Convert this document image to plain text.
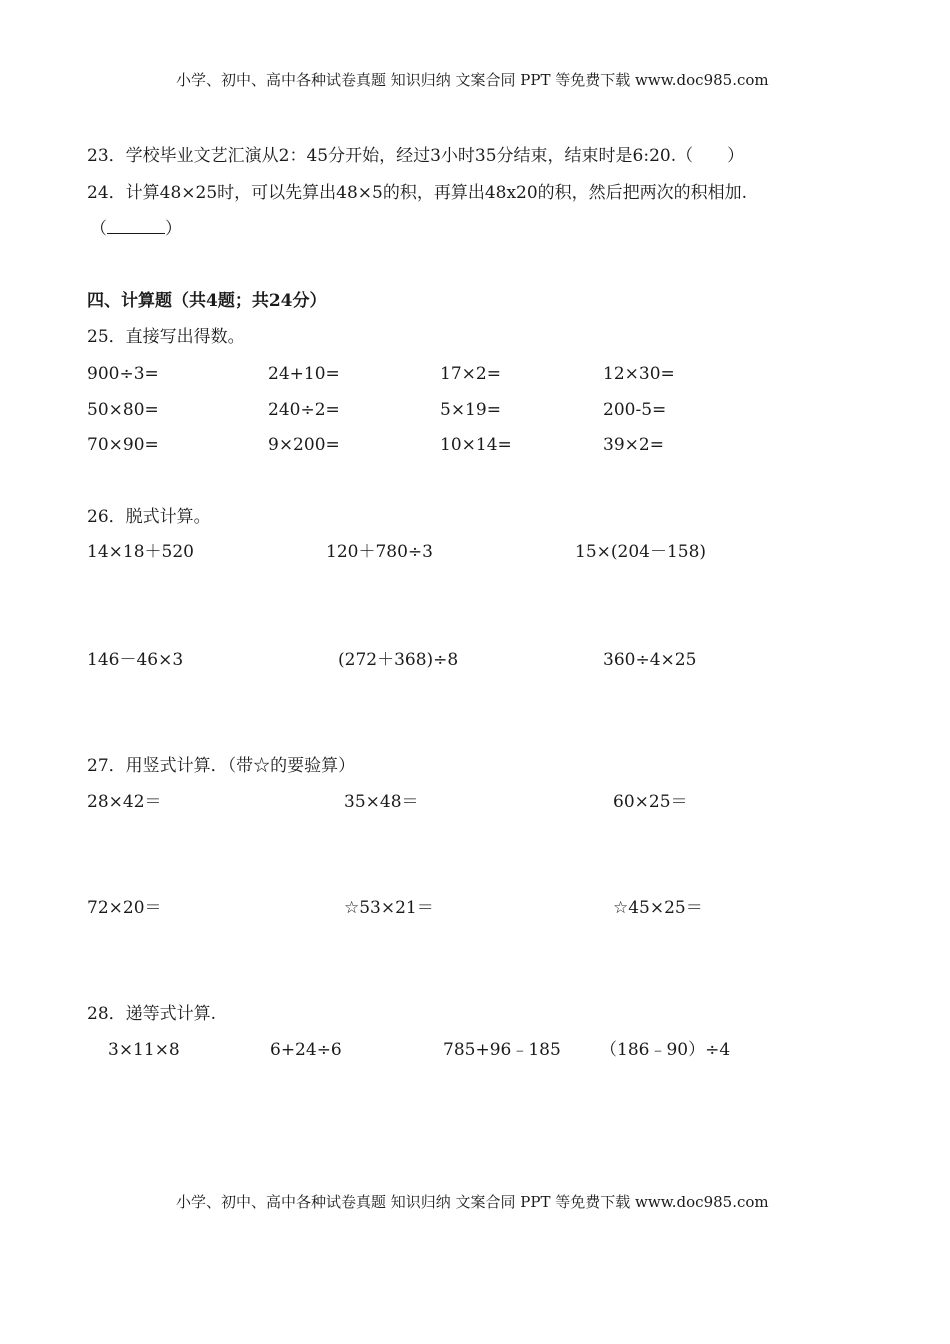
小学、初中、高中各种试卷真题 知识归纳 文案合同 PPT 等免费下载 www.doc985.com
23．学校毕业文艺汇演从2：45分开始，经过3小时35分结束，结束时是6:20.（　　）
24．计算48×25时，可以先算出48×5的积，再算出48x20的积，然后把两次的积相加.
（	）
四、计算题（共4题；共24分）
25．直接写出得数。
900÷3=	24+10=	17×2=	12×30=
50×80=	240÷2=	5×19=	200-5=
70×90=	9×200=	10×14=	39×2=
26．脱式计算。
14×18＋520	120＋780÷3	15×(204－158)
146－46×3	(272＋368)÷8	360÷4×25
27．用竖式计算．（带☆的要验算）
28×42＝	35×48＝	60×25＝
72×20＝	☆53×21＝	☆45×25＝
28．递等式计算.
3×11×8	6+24÷6	785+96﹣185 （186﹣90）÷4
小学、初中、高中各种试卷真题 知识归纳 文案合同 PPT 等免费下载 www.doc985.com
